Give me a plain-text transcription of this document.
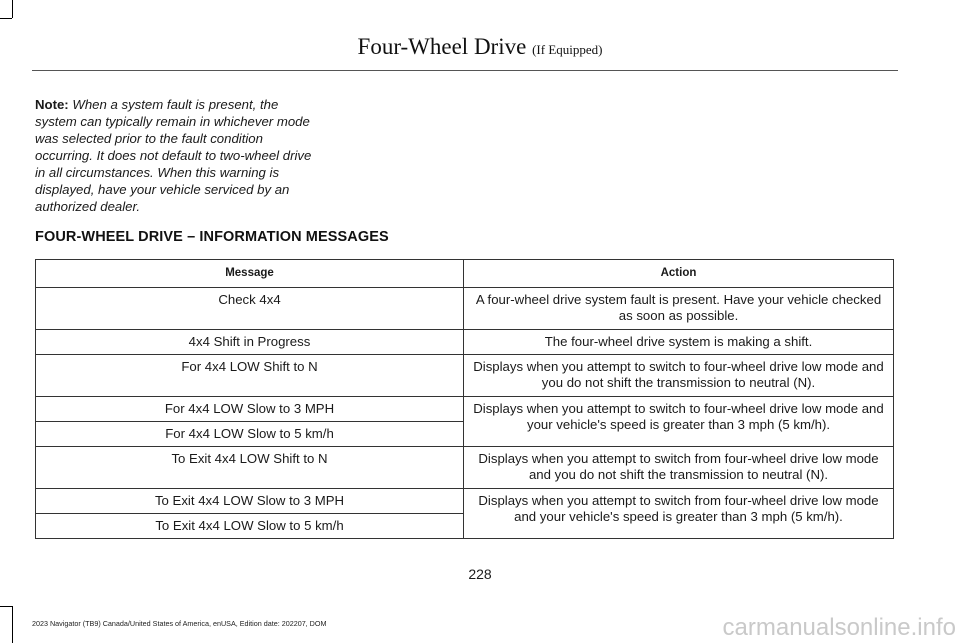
Four-Wheel Drive (If Equipped)
Note: When a system fault is present, the system can typically remain in whichever mode was selected prior to the fault condition occurring. It does not default to two-wheel drive in all circumstances. When this warning is displayed, have your vehicle serviced by an authorized dealer.
FOUR-WHEEL DRIVE – INFORMATION MESSAGES
Message	Action
Check 4x4	A four-wheel drive system fault is present. Have your vehicle checked as soon as possible.
4x4 Shift in Progress	The four-wheel drive system is making a shift.
For 4x4 LOW Shift to N	Displays when you attempt to switch to four-wheel drive low mode and you do not shift the transmission to neutral (N).
For 4x4 LOW Slow to 3 MPH	Displays when you attempt to switch to four-wheel drive low mode and your vehicle's speed is greater than 3 mph (5 km/h).
For 4x4 LOW Slow to 5 km/h	
To Exit 4x4 LOW Shift to N	Displays when you attempt to switch from four-wheel drive low mode and you do not shift the transmission to neutral (N).
To Exit 4x4 LOW Slow to 3 MPH	Displays when you attempt to switch from four-wheel drive low mode and your vehicle's speed is greater than 3 mph (5 km/h).
To Exit 4x4 LOW Slow to 5 km/h	
228
2023 Navigator (TB9) Canada/United States of America, enUSA, Edition date: 202207, DOM	carmanualsonline.info
